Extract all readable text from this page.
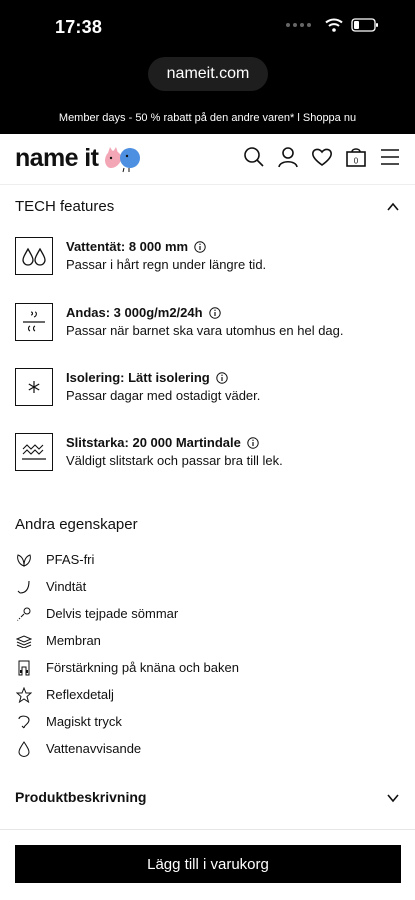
17:38
nameit.com
Member days - 50 % rabatt på den andre varen* l Shoppa nu
name it	0
TECH features
Vattentät: 8 000 mm
Passar i hårt regn under längre tid.
Andas: 3 000g/m2/24h
Passar när barnet ska vara utomhus en hel dag.
Isolering: Lätt isolering
Passar dagar med ostadigt väder.
Slitstarka: 20 000 Martindale
Väldigt slitstark och passar bra till lek.
Andra egenskaper
PFAS-fri
Vindtät
Delvis tejpade sömmar
Membran
Förstärkning på knäna och baken
Reflexdetalj
Magiskt tryck
Vattenavvisande
Produktbeskrivning
Lägg till i varukorg
